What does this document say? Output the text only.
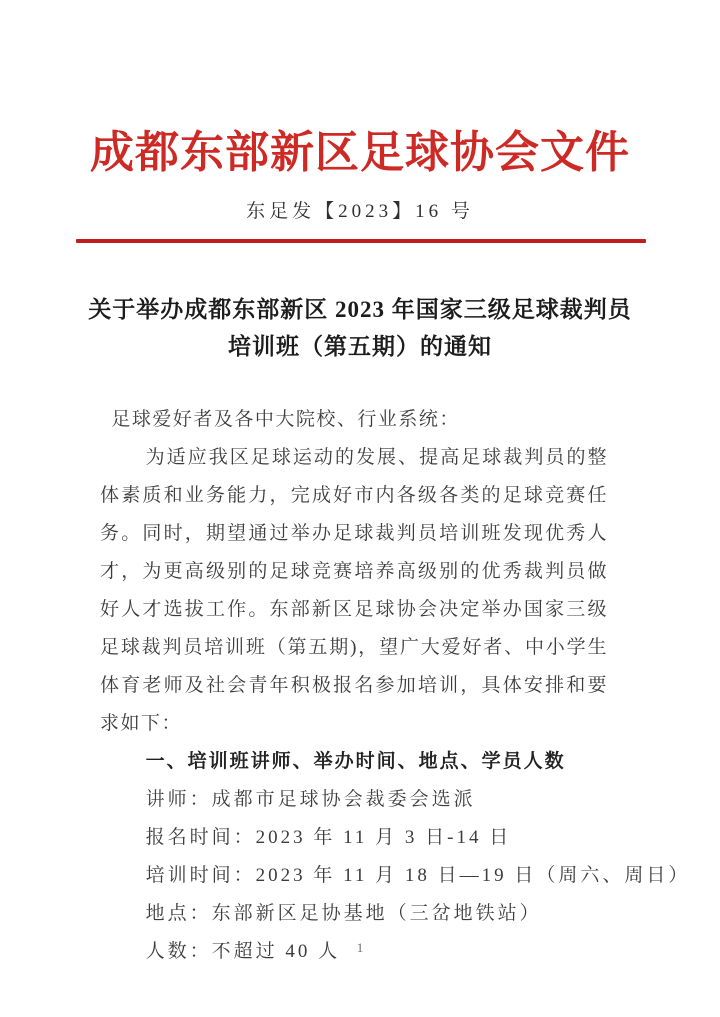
成都东部新区足球协会文件
东足发【2023】16 号
关于举办成都东部新区 2023 年国家三级足球裁判员
培训班（第五期）的通知
足球爱好者及各中大院校、行业系统：
为适应我区足球运动的发展、提高足球裁判员的整体素质和业务能力，完成好市内各级各类的足球竞赛任务。同时，期望通过举办足球裁判员培训班发现优秀人才，为更高级别的足球竞赛培养高级别的优秀裁判员做好人才选拔工作。东部新区足球协会决定举办国家三级足球裁判员培训班（第五期)，望广大爱好者、中小学生体育老师及社会青年积极报名参加培训，具体安排和要求如下：
一、培训班讲师、举办时间、地点、学员人数
讲师：成都市足球协会裁委会选派
报名时间：2023 年 11 月 3 日-14 日
培训时间：2023 年 11 月 18 日—19 日（周六、周日）
地点：东部新区足协基地（三岔地铁站）
人数：不超过 40 人	1
